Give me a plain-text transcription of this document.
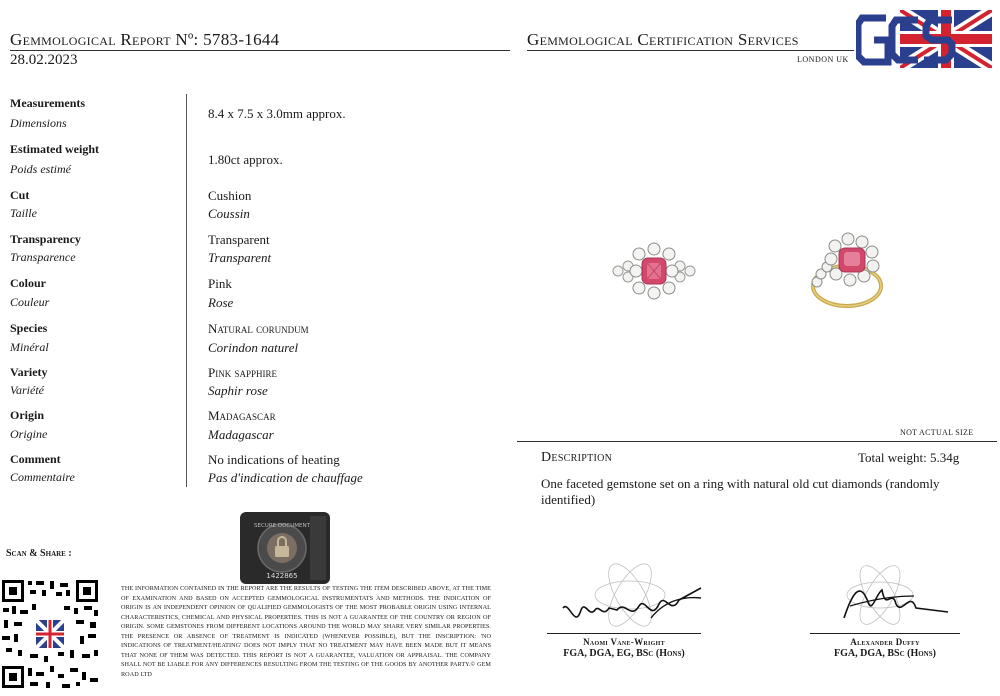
Gemmological Report Nº: 5783-1644
28.02.2023
Gemmological Certification Services
LONDON UK
Measurements
Dimensions
8.4 x 7.5 x 3.0mm approx.
Estimated weight
Poids estimé
1.80ct approx.
Cut
Taille
Cushion
Coussin
Transparency
Transparence
Transparent
Transparent
Colour
Couleur
Pink
Rose
Species
Minéral
Natural corundum
Corindon naturel
Variety
Variété
Pink sapphire
Saphir rose
Origin
Origine
Madagascar
Madagascar
Comment
Commentaire
No indications of heating
Pas d'indication de chauffage
NOT ACTUAL SIZE
Description	Total weight: 5.34g
One faceted gemstone set on a ring with natural old cut diamonds (randomly identified)
Scan & Share :
SECURE DOCUMENT
1422865
THE INFORMATION CONTAINED IN THE REPORT ARE THE RESULTS OF TESTING THE ITEM DESCRIBED ABOVE, AT THE TIME OF EXAMINATION AND BASED ON ACCEPTED GEMMOLOGICAL INSTRUMENTATS AND METHODS. THE INDICATION OF ORIGIN IS AN INDEPENDENT OPINION OF QUALIFIED GEMMOLOGISTS OF THE MOST PROBABLE ORIGIN USING INTERNAL CHARACTERISTICS, CHEMICAL AND PHYSICAL PROPERTIES. THIS IS NOT A GUARANTEE OF THE COUNTRY OR REGION OF ORIGIN. SOME GEMSTONES FROM DIFFERENT LOCATIONS AROUND THE WORLD MAY SHARE VERY SIMILAR PROPERTIES. THE PRESENCE OR ABSENCE OF TREATMENT IS INDICATED (WHENEVER POSSIBLE), BUT THE INSCRIPTION: 'NO INDICATIONS OF TREATMENT/HEATING' DOES NOT IMPLY THAT NO TREATMENT MAY HAVE BEEN MADE BUT IT MEANS THAT NONE OF THEM WAS DETECTED. THIS REPORT IS NOT A GUARANTEE, VALUATION OR APPRAISAL. THE COMPANY SHALL NOT BE LIABLE FOR ANY DIFFERENCES RESULTING FROM THE TESTING OF THE GOODS BY ANOTHER PARTY.© GEM ROAD LTD
Naomi Vane-Wright
FGA, DGA, EG, BSc (Hons)
Alexander Duffy
FGA, DGA, BSc (Hons)
